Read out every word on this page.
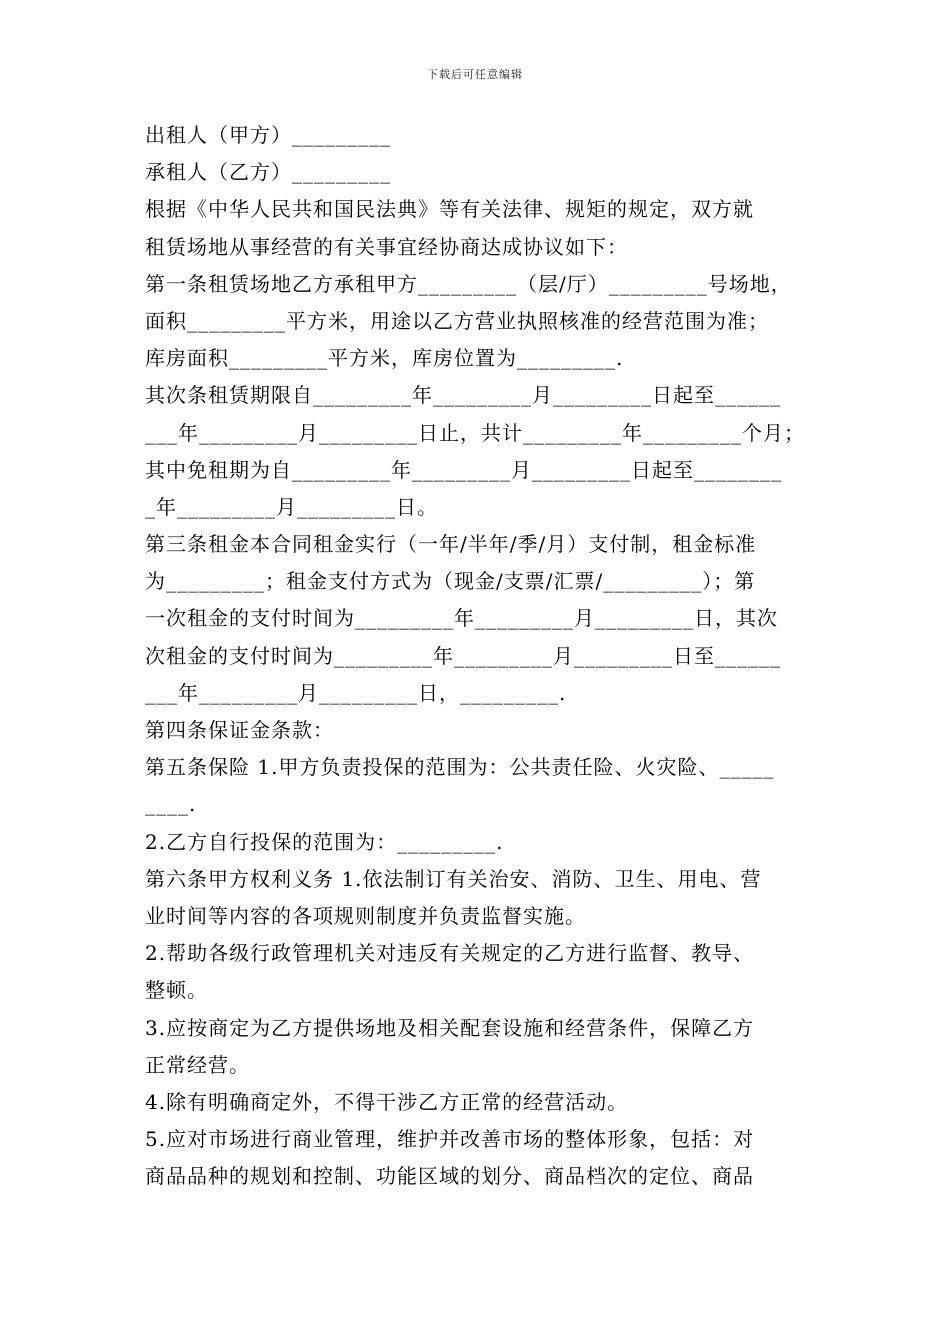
下载后可任意编辑
出租人（甲方）_________
承租人（乙方）_________
根据《中华人民共和国民法典》等有关法律、规矩的规定，双方就
租赁场地从事经营的有关事宜经协商达成协议如下：
第一条租赁场地乙方承租甲方_________（层/厅）_________号场地，
面积_________平方米，用途以乙方营业执照核准的经营范围为准；
库房面积_________平方米，库房位置为_________.
其次条租赁期限自_________年_________月_________日起至______
___年_________月_________日止，共计_________年_________个月；
其中免租期为自_________年_________月_________日起至________
_年_________月_________日。
第三条租金本合同租金实行（一年/半年/季/月）支付制，租金标准
为_________；租金支付方式为（现金/支票/汇票/_________）；第
一次租金的支付时间为_________年_________月_________日，其次
次租金的支付时间为_________年_________月_________日至______
___年_________月_________日，_________.
第四条保证金条款：
第五条保险 1.甲方负责投保的范围为：公共责任险、火灾险、_____
____.
2.乙方自行投保的范围为：_________.
第六条甲方权利义务 1.依法制订有关治安、消防、卫生、用电、营
业时间等内容的各项规则制度并负责监督实施。
2.帮助各级行政管理机关对违反有关规定的乙方进行监督、教导、
整顿。
3.应按商定为乙方提供场地及相关配套设施和经营条件，保障乙方
正常经营。
4.除有明确商定外，不得干涉乙方正常的经营活动。
5.应对市场进行商业管理，维护并改善市场的整体形象，包括：对
商品品种的规划和控制、功能区域的划分、商品档次的定位、商品
